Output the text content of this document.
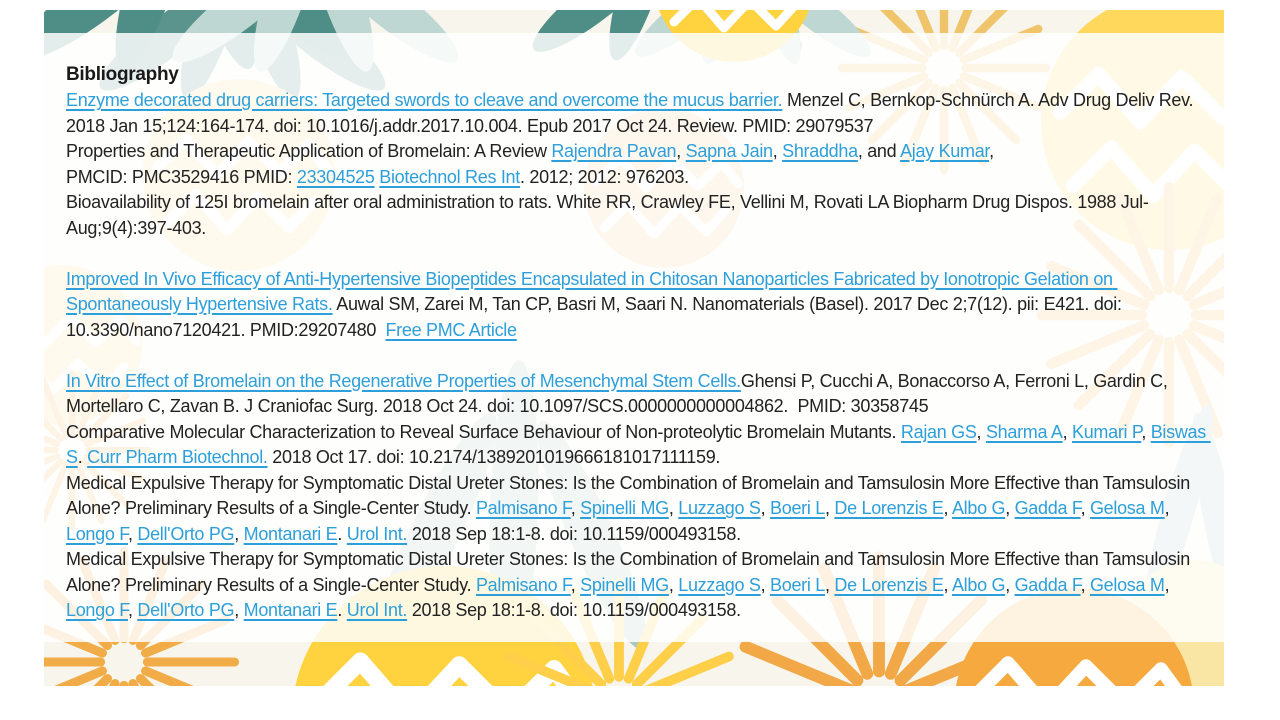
Bibliography

Enzyme decorated drug carriers: Targeted swords to cleave and overcome the mucus barrier. Menzel C, Bernkop-Schnürch A. Adv Drug Deliv Rev. 2018 Jan 15;124:164-174. doi: 10.1016/j.addr.2017.10.004. Epub 2017 Oct 24. Review. PMID: 29079537

Properties and Therapeutic Application of Bromelain: A Review Rajendra Pavan, Sapna Jain, Shraddha, and Ajay Kumar,

PMCID: PMC3529416 PMID: 23304525 Biotechnol Res Int. 2012; 2012: 976203.

Bioavailability of 125I bromelain after oral administration to rats. White RR, Crawley FE, Vellini M, Rovati LA Biopharm Drug Dispos. 1988 Jul-Aug;9(4):397-403.

Improved In Vivo Efficacy of Anti-Hypertensive Biopeptides Encapsulated in Chitosan Nanoparticles Fabricated by Ionotropic Gelation on Spontaneously Hypertensive Rats. Auwal SM, Zarei M, Tan CP, Basri M, Saari N. Nanomaterials (Basel). 2017 Dec 2;7(12). pii: E421. doi: 10.3390/nano7120421. PMID:29207480  Free PMC Article

In Vitro Effect of Bromelain on the Regenerative Properties of Mesenchymal Stem Cells.Ghensi P, Cucchi A, Bonaccorso A, Ferroni L, Gardin C, Mortellaro C, Zavan B. J Craniofac Surg. 2018 Oct 24. doi: 10.1097/SCS.0000000000004862.  PMID: 30358745

Comparative Molecular Characterization to Reveal Surface Behaviour of Non-proteolytic Bromelain Mutants. Rajan GS, Sharma A, Kumari P, Biswas S. Curr Pharm Biotechnol. 2018 Oct 17. doi: 10.2174/1389201019666181017111159.

Medical Expulsive Therapy for Symptomatic Distal Ureter Stones: Is the Combination of Bromelain and Tamsulosin More Effective than Tamsulosin Alone? Preliminary Results of a Single-Center Study. Palmisano F, Spinelli MG, Luzzago S, Boeri L, De Lorenzis E, Albo G, Gadda F, Gelosa M, Longo F, Dell'Orto PG, Montanari E. Urol Int. 2018 Sep 18:1-8. doi: 10.1159/000493158.

Medical Expulsive Therapy for Symptomatic Distal Ureter Stones: Is the Combination of Bromelain and Tamsulosin More Effective than Tamsulosin Alone? Preliminary Results of a Single-Center Study. Palmisano F, Spinelli MG, Luzzago S, Boeri L, De Lorenzis E, Albo G, Gadda F, Gelosa M, Longo F, Dell'Orto PG, Montanari E. Urol Int. 2018 Sep 18:1-8. doi: 10.1159/000493158.
